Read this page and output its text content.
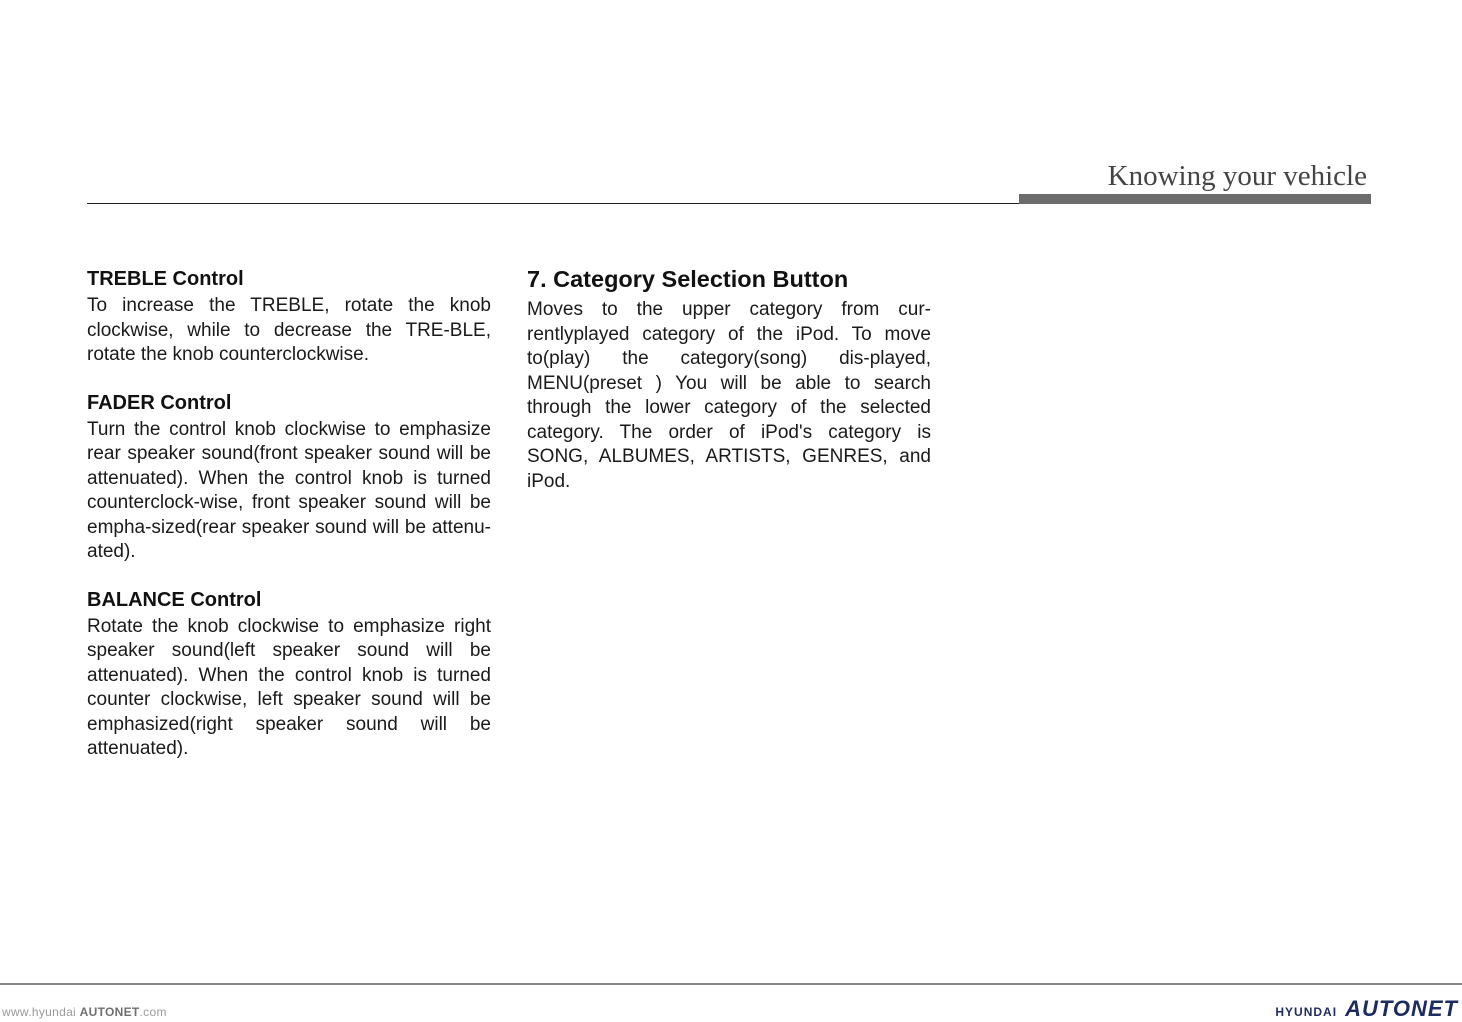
Knowing your vehicle

TREBLE Control

To increase the TREBLE, rotate the knob clockwise, while to decrease the TRE-BLE, rotate the knob counterclockwise.

FADER Control

Turn the control knob clockwise to emphasize rear speaker sound(front speaker sound will be attenuated). When the control knob is turned counterclock-wise, front speaker sound will be empha-sized(rear speaker sound will be attenu-ated).

BALANCE Control

Rotate the knob clockwise to emphasize right speaker sound(left speaker sound will be attenuated). When the control knob is turned counter clockwise, left speaker sound will be emphasized(right speaker sound will be attenuated).

7. Category Selection Button

Moves to the upper category from cur-rentlyplayed category of the iPod. To move to(play) the category(song) dis-played, MENU(preset ) You will be able to search through the lower category of the selected category. The order of iPod's category is SONG, ALBUMES, ARTISTS, GENRES, and iPod.

www.hyundai AUTONET.com	HYUNDAI AUTONET
